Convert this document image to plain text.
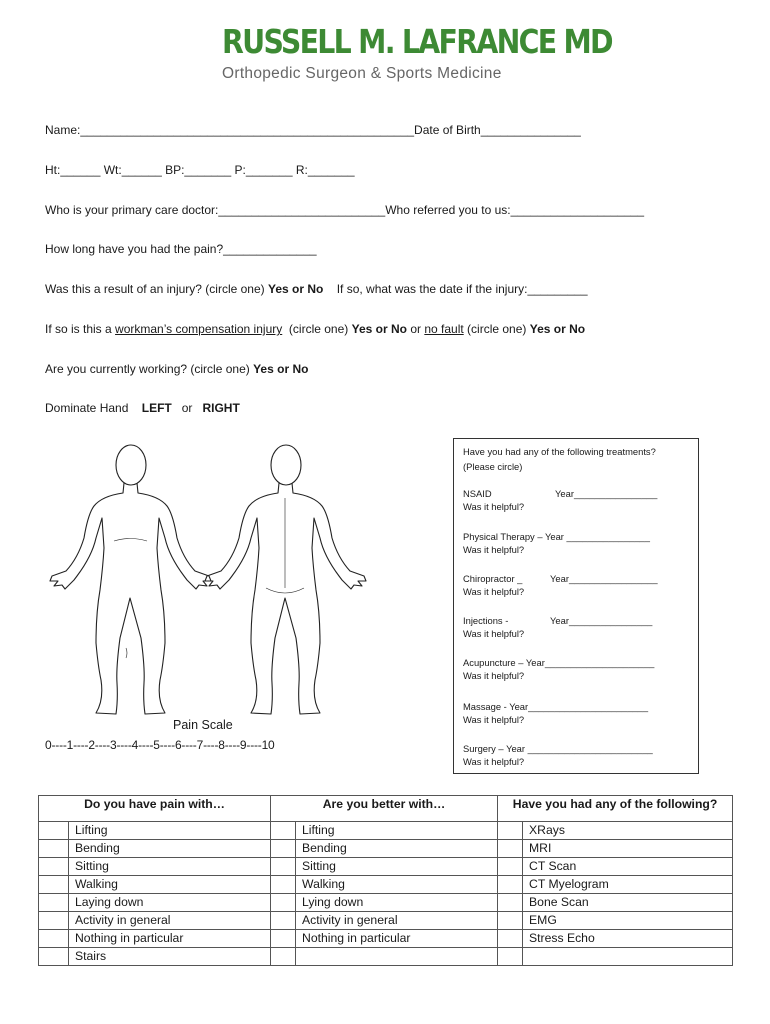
RUSSELL M. LAFRANCE MD
Orthopedic Surgeon & Sports Medicine
Name:__________________________________________________Date of Birth_______________
Ht:______ Wt:______ BP:_______ P:_______ R:_______
Who is your primary care doctor:_________________________Who referred you to us:____________________
How long have you had the pain?______________
Was this a result of an injury? (circle one) Yes or No If so, what was the date if the injury:_________
If so is this a workman’s compensation injury (circle one) Yes or No or no fault (circle one) Yes or No
Are you currently working? (circle one) Yes or No
Dominate Hand LEFT or RIGHT
Pain Scale
0----1----2----3----4----5----6----7----8----9----10
Have you had any of the following treatments?
(Please circle)
NSAID	Year________________
Was it helpful?
Physical Therapy – Year ________________
Was it helpful?
Chiropractor _	Year_________________
Was it helpful?
Injections -	Year________________
Was it helpful?
Acupuncture – Year_____________________
Was it helpful?
Massage - Year_______________________
Was it helpful?
Surgery – Year ________________________
Was it helpful?
Do you have pain with…		Are you better with…		Have you had any of the following?	
	Lifting		Lifting		XRays
	Bending		Bending		MRI
	Sitting		Sitting		CT Scan
	Walking		Walking		CT Myelogram
	Laying down		Lying down		Bone Scan
	Activity in general		Activity in general		EMG
	Nothing in particular		Nothing in particular		Stress Echo
	Stairs				
